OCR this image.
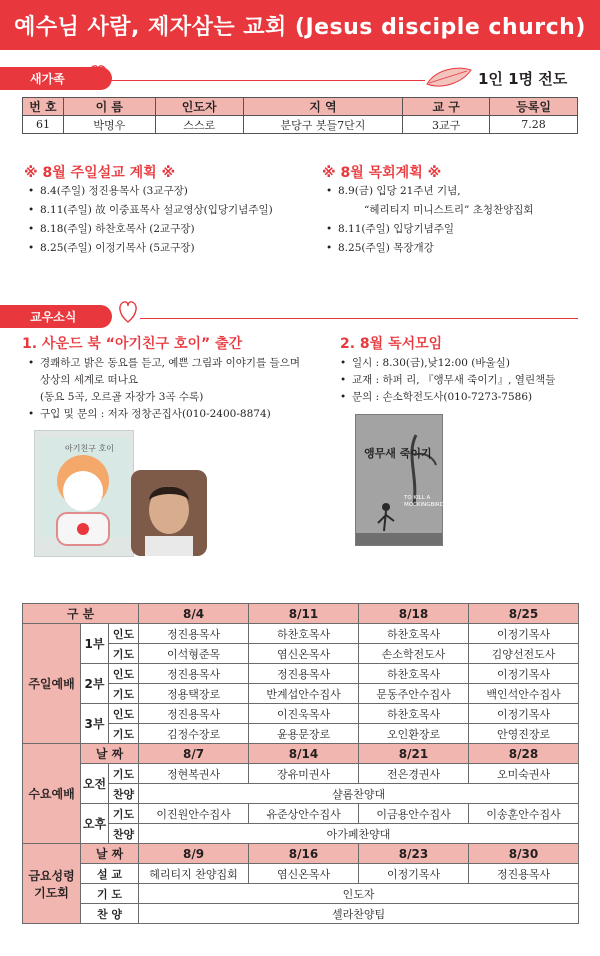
예수님 사람, 제자삼는 교회 (Jesus disciple church)
새가족	1인 1명 전도
번 호	이 름	인도자	지 역	교 구	등록일
61	박명우	스스로	분당구 봇들7단지	3교구	7.28
※ 8월 주일설교 계획 ※
• 8.4(주일) 정진용목사 (3교구장)
• 8.11(주일) 故 이중표목사 설교영상(입당기념주일)
• 8.18(주일) 하찬호목사 (2교구장)
• 8.25(주일) 이정기목사 (5교구장)
※ 8월 목회계획 ※
• 8.9(금) 입당 21주년 기념,
“헤리티지 미니스트리” 초청찬양집회
• 8.11(주일) 입당기념주일
• 8.25(주일) 목장개강
교우소식
1. 사운드 북 “아기친구 호이” 출간
• 경쾌하고 밝은 동요를 듣고, 예쁜 그림과 이야기를 들으며
상상의 세계로 떠나요
(동요 5곡, 오르골 자장가 3곡 수록)
• 구입 및 문의 : 저자 정창곤집사(010-2400-8874)
아기친구 호이
2. 8월 독서모임
• 일시 : 8.30(금),낮12:00 (바울실)
• 교재 : 하퍼 리, 『앵무새 죽이기』, 열린책들
• 문의 : 손소학전도사(010-7273-7586)
앵무새 죽이기
TO KILL A MOCKINGBIRD
구 분			8/4	8/11	8/18	8/25
주일예배	1부	인도	정진용목사	하찬호목사	하찬호목사	이정기목사
		기도	이석형준목	염신온목사	손소학전도사	김양선전도사
	2부	인도	정진용목사	정진용목사	하찬호목사	이정기목사
		기도	정용택장로	반계섭안수집사	문동주안수집사	백인석안수집사
	3부	인도	정진용목사	이진욱목사	하찬호목사	이정기목사
		기도	김정수장로	윤용문장로	오인환장로	안영진장로
수요예배	날 짜		8/7	8/14	8/21	8/28
	오전	기도	정현복권사	장유미권사	전은경권사	오미숙권사
		찬양	샬롬찬양대			
	오후	기도	이진원안수집사	유준상안수집사	이금용안수집사	이송훈안수집사
		찬양	아가페찬양대			
금요성령
기도회	날 짜		8/9	8/16	8/23	8/30
	설 교		헤리티지 찬양집회	염신온목사	이정기목사	정진용목사
	기 도		인도자			
	찬 양		셀라찬양팀			
